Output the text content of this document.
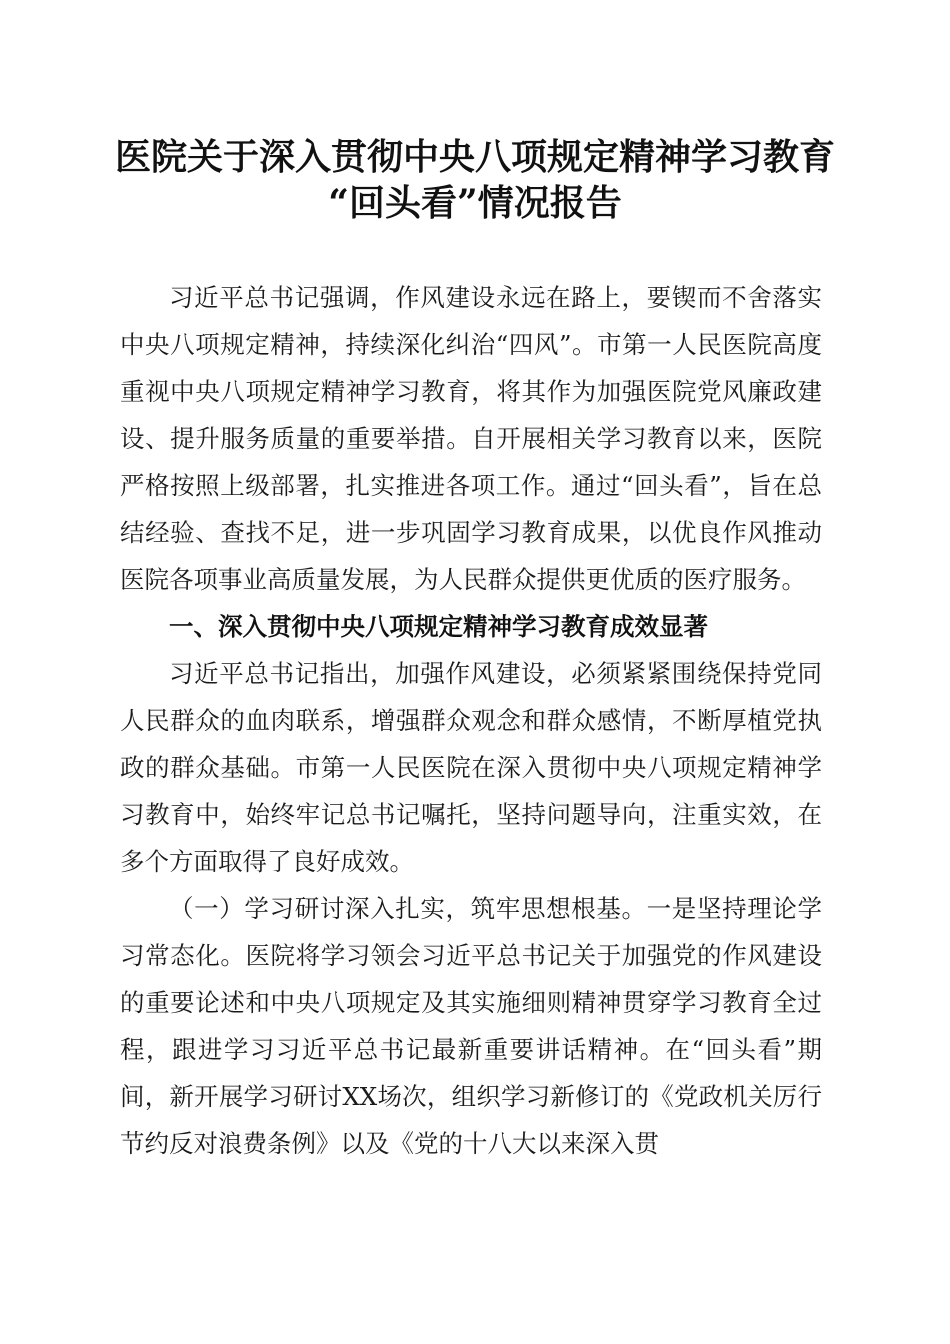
医院关于深入贯彻中央八项规定精神学习教育
“回头看”情况报告

习近平总书记强调，作风建设永远在路上，要锲而不舍落实中央八项规定精神，持续深化纠治“四风”。市第一人民医院高度重视中央八项规定精神学习教育，将其作为加强医院党风廉政建设、提升服务质量的重要举措。自开展相关学习教育以来，医院严格按照上级部署，扎实推进各项工作。通过“回头看”，旨在总结经验、查找不足，进一步巩固学习教育成果，以优良作风推动医院各项事业高质量发展，为人民群众提供更优质的医疗服务。

一、深入贯彻中央八项规定精神学习教育成效显著

习近平总书记指出，加强作风建设，必须紧紧围绕保持党同人民群众的血肉联系，增强群众观念和群众感情，不断厚植党执政的群众基础。市第一人民医院在深入贯彻中央八项规定精神学习教育中，始终牢记总书记嘱托，坚持问题导向，注重实效，在多个方面取得了良好成效。

（一）学习研讨深入扎实，筑牢思想根基。一是坚持理论学习常态化。医院将学习领会习近平总书记关于加强党的作风建设的重要论述和中央八项规定及其实施细则精神贯穿学习教育全过程，跟进学习习近平总书记最新重要讲话精神。在“回头看”期间，新开展学习研讨XX场次，组织学习新修订的《党政机关厉行节约反对浪费条例》以及《党的十八大以来深入贯
